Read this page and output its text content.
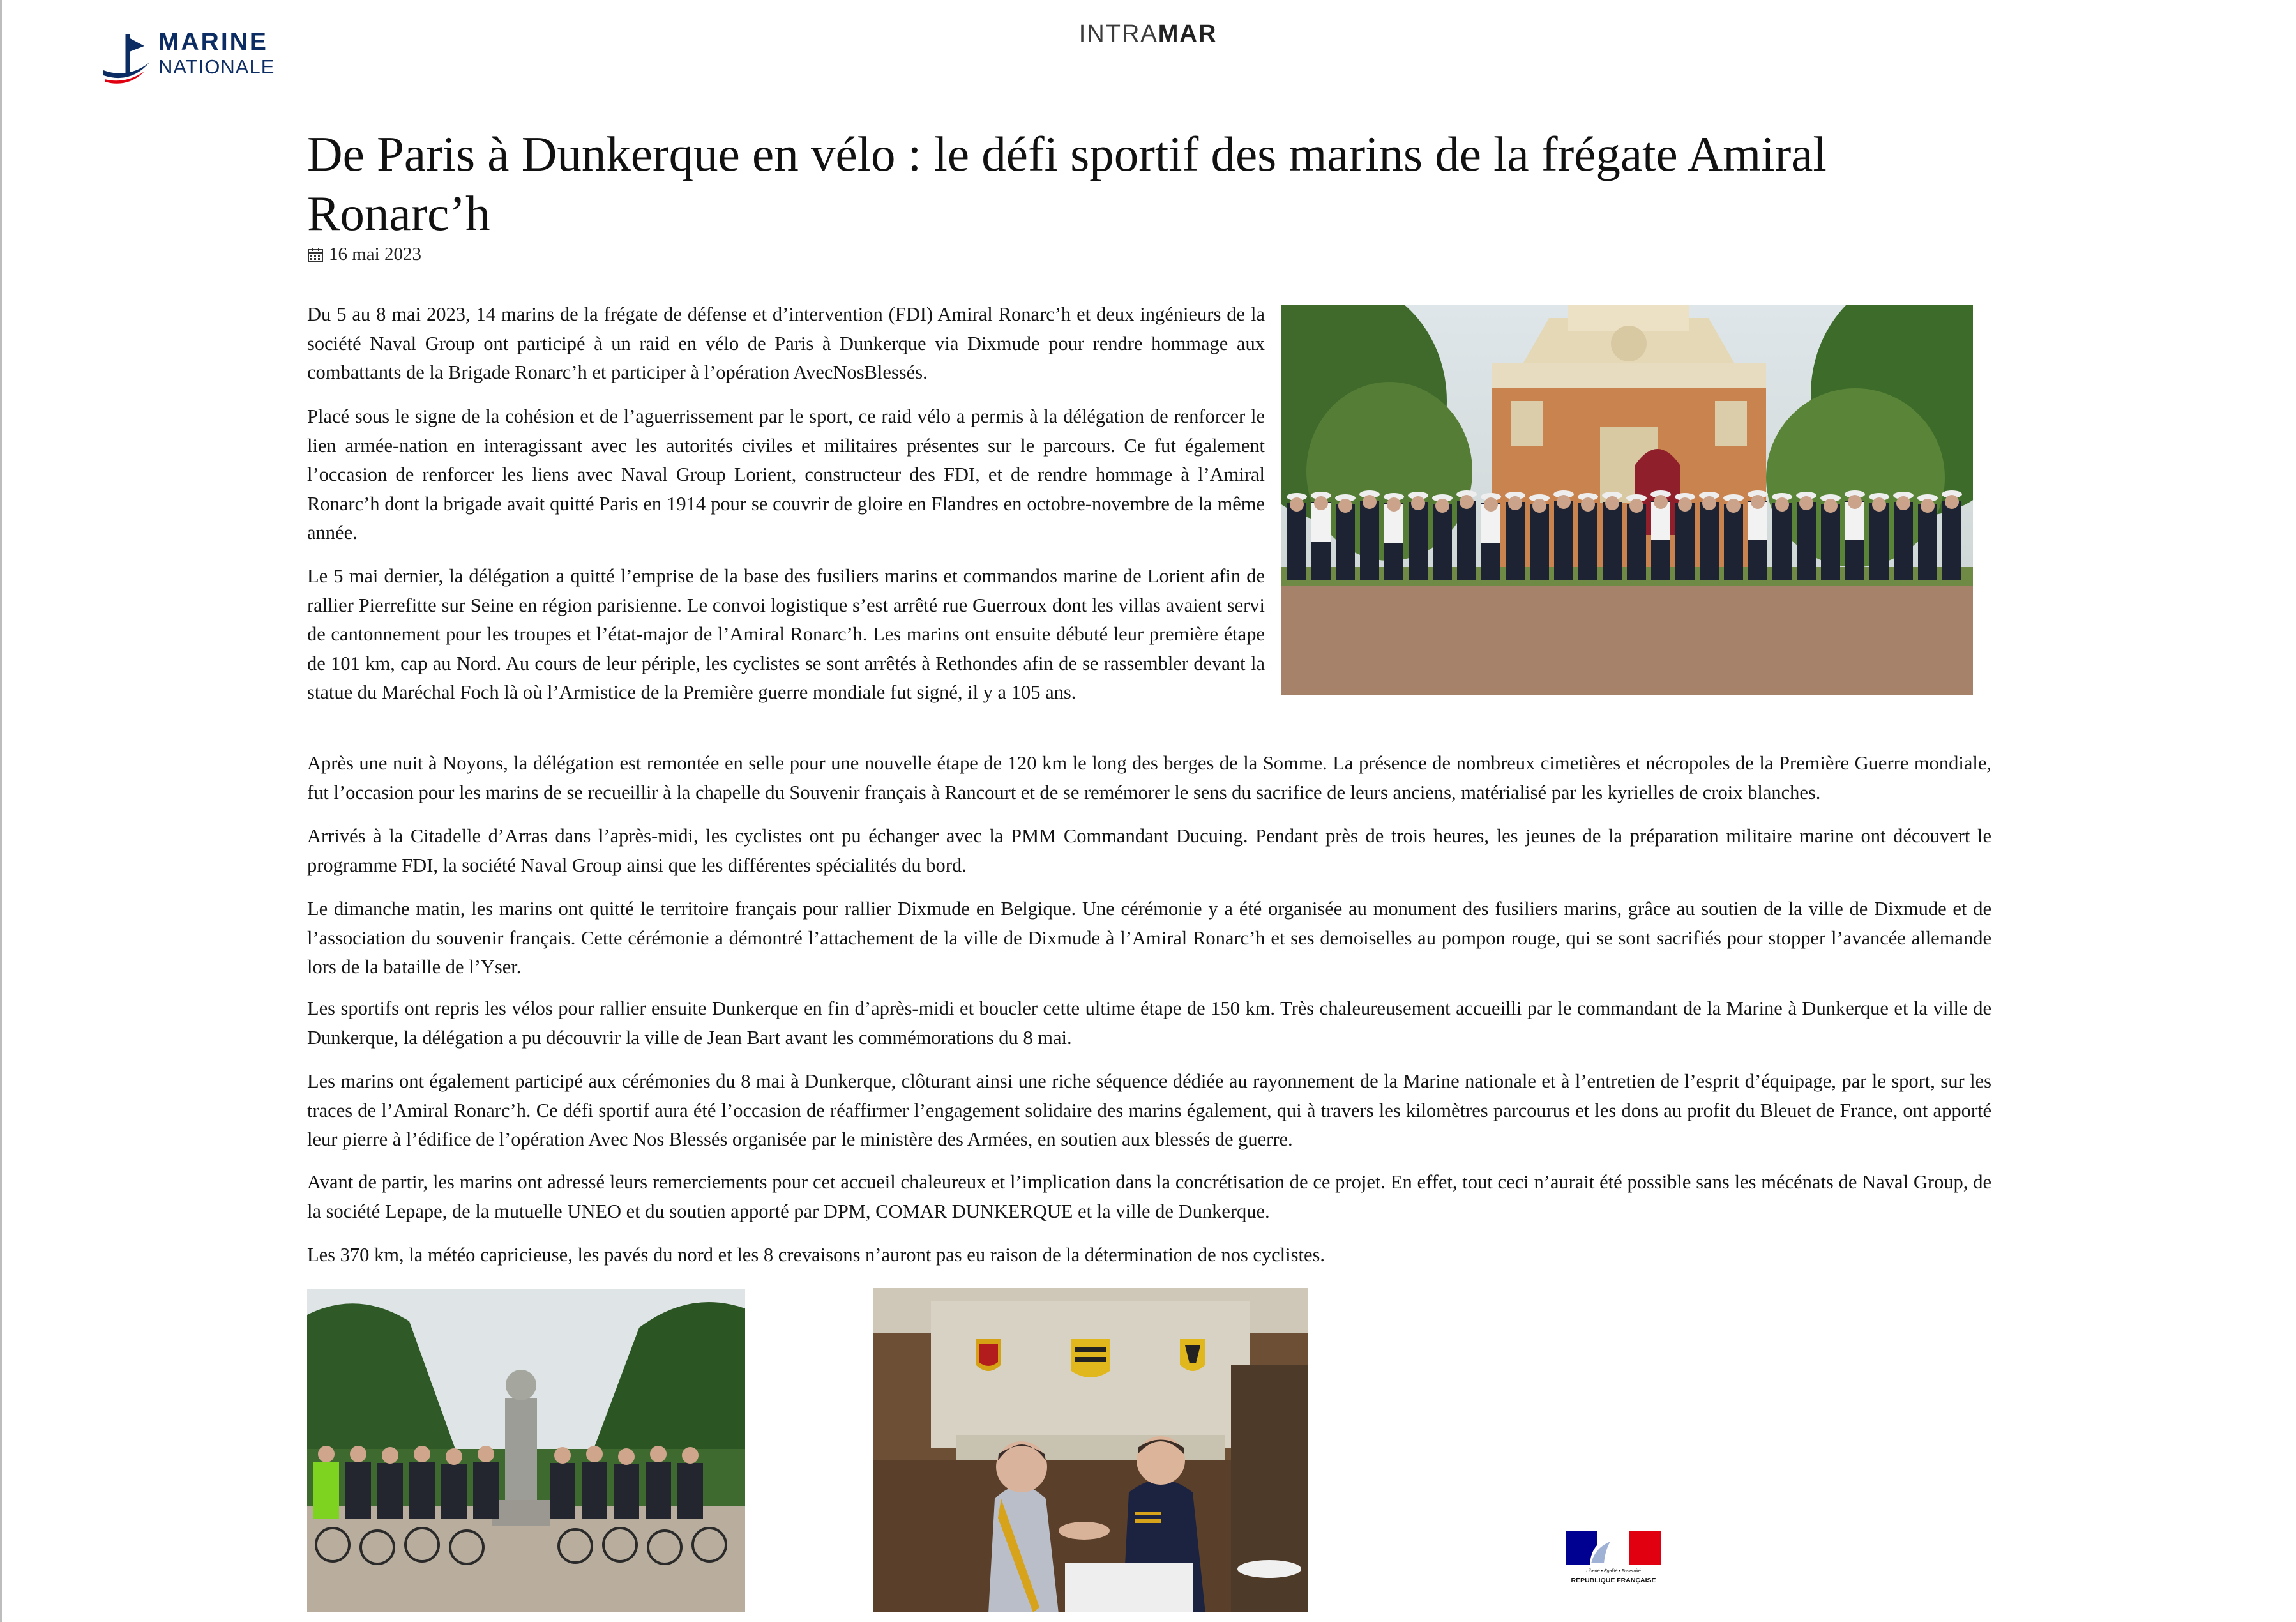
MARINE
NATIONALE
INTRAMAR
De Paris à Dunkerque en vélo : le défi sportif des marins de la frégate Amiral Ronarc’h
16 mai 2023

Du 5 au 8 mai 2023, 14 marins de la frégate de défense et d’intervention (FDI) Amiral Ronarc’h et deux ingénieurs de la société Naval Group ont participé à un raid en vélo de Paris à Dunkerque via Dixmude pour rendre hommage aux combattants de la Brigade Ronarc’h et participer à l’opération AvecNosBlessés.

Placé sous le signe de la cohésion et de l’aguerrissement par le sport, ce raid vélo a permis à la délégation de renforcer le lien armée-nation en interagissant avec les autorités civiles et militaires présentes sur le parcours. Ce fut également l’occasion de renforcer les liens avec Naval Group Lorient, constructeur des FDI, et de rendre hommage à l’Amiral Ronarc’h dont la brigade avait quitté Paris en 1914 pour se couvrir de gloire en Flandres en octobre-novembre de la même année.

Le 5 mai dernier, la délégation a quitté l’emprise de la base des fusiliers marins et commandos marine de Lorient afin de rallier Pierrefitte sur Seine en région parisienne. Le convoi logistique s’est arrêté rue Guerroux dont les villas avaient servi de cantonnement pour les troupes et l’état-major de l’Amiral Ronarc’h. Les marins ont ensuite débuté leur première étape de 101 km, cap au Nord. Au cours de leur périple, les cyclistes se sont arrêtés à Rethondes afin de se rassembler devant la statue du Maréchal Foch là où l’Armistice de la Première guerre mondiale fut signé, il y a 105 ans.

Après une nuit à Noyons, la délégation est remontée en selle pour une nouvelle étape de 120 km le long des berges de la Somme. La présence de nombreux cimetières et nécropoles de la Première Guerre mondiale, fut l’occasion pour les marins de se recueillir à la chapelle du Souvenir français à Rancourt et de se remémorer le sens du sacrifice de leurs anciens, matérialisé par les kyrielles de croix blanches.

Arrivés à la Citadelle d’Arras dans l’après-midi, les cyclistes ont pu échanger avec la PMM Commandant Ducuing. Pendant près de trois heures, les jeunes de la préparation militaire marine ont découvert le programme FDI, la société Naval Group ainsi que les différentes spécialités du bord.

Le dimanche matin, les marins ont quitté le territoire français pour rallier Dixmude en Belgique. Une cérémonie y a été organisée au monument des fusiliers marins, grâce au soutien de la ville de Dixmude et de l’association du souvenir français. Cette cérémonie a démontré l’attachement de la ville de Dixmude à l’Amiral Ronarc’h et ses demoiselles au pompon rouge, qui se sont sacrifiés pour stopper l’avancée allemande lors de la bataille de l’Yser.

Les sportifs ont repris les vélos pour rallier ensuite Dunkerque en fin d’après-midi et boucler cette ultime étape de 150 km. Très chaleureusement accueilli par le commandant de la Marine à Dunkerque et la ville de Dunkerque, la délégation a pu découvrir la ville de Jean Bart avant les commémorations du 8 mai.

Les marins ont également participé aux cérémonies du 8 mai à Dunkerque, clôturant ainsi une riche séquence dédiée au rayonnement de la Marine nationale et à l’entretien de l’esprit d’équipage, par le sport, sur les traces de l’Amiral Ronarc’h. Ce défi sportif aura été l’occasion de réaffirmer l’engagement solidaire des marins également, qui à travers les kilomètres parcourus et les dons au profit du Bleuet de France, ont apporté leur pierre à l’édifice de l’opération Avec Nos Blessés organisée par le ministère des Armées, en soutien aux blessés de guerre.

Avant de partir, les marins ont adressé leurs remerciements pour cet accueil chaleureux et l’implication dans la concrétisation de ce projet. En effet, tout ceci n’aurait été possible sans les mécénats de Naval Group, de la société Lepape, de la mutuelle UNEO et du soutien apporté par DPM, COMAR DUNKERQUE et la ville de Dunkerque.

Les 370 km, la météo capricieuse, les pavés du nord et les 8 crevaisons n’auront pas eu raison de la détermination de nos cyclistes.

Liberté • Égalité • Fraternité
RÉPUBLIQUE FRANÇAISE
